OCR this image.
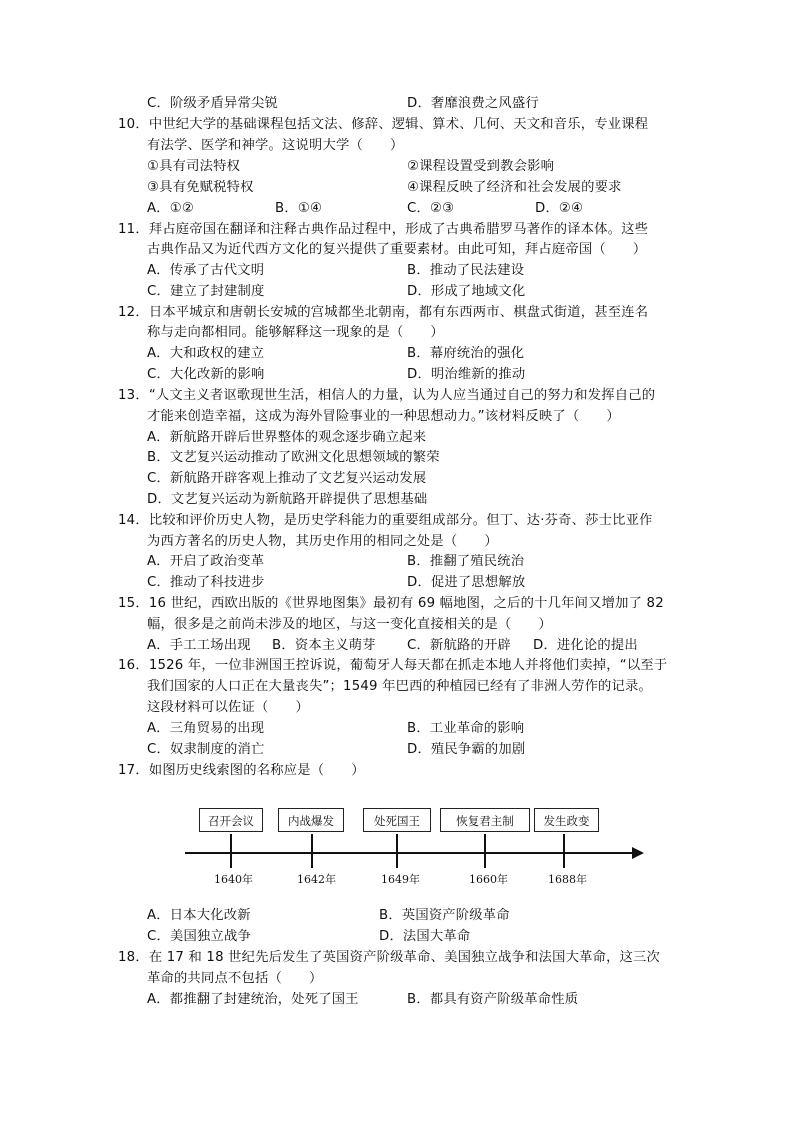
C．阶级矛盾异常尖锐	D．奢靡浪费之风盛行
10．中世纪大学的基础课程包括文法、修辞、逻辑、算术、几何、天文和音乐，专业课程
有法学、医学和神学。这说明大学（　　）
①具有司法特权	②课程设置受到教会影响
③具有免赋税特权	④课程反映了经济和社会发展的要求
A．①②	B．①④	C．②③	D．②④
11．拜占庭帝国在翻译和注释古典作品过程中，形成了古典希腊罗马著作的译本体。这些
古典作品又为近代西方文化的复兴提供了重要素材。由此可知，拜占庭帝国（　　）
A．传承了古代文明	B．推动了民法建设
C．建立了封建制度	D．形成了地域文化
12．日本平城京和唐朝长安城的宫城都坐北朝南，都有东西两市、棋盘式街道，甚至连名
称与走向都相同。能够解释这一现象的是（　　）
A．大和政权的建立	B．幕府统治的强化
C．大化改新的影响	D．明治维新的推动
13．“人文主义者讴歌现世生活，相信人的力量，认为人应当通过自己的努力和发挥自己的
才能来创造幸福，这成为海外冒险事业的一种思想动力。”该材料反映了（　　）
A．新航路开辟后世界整体的观念逐步确立起来
B．文艺复兴运动推动了欧洲文化思想领域的繁荣
C．新航路开辟客观上推动了文艺复兴运动发展
D．文艺复兴运动为新航路开辟提供了思想基础
14．比较和评价历史人物，是历史学科能力的重要组成部分。但丁、达·芬奇、莎士比亚作
为西方著名的历史人物，其历史作用的相同之处是（　　）
A．开启了政治变革	B．推翻了殖民统治
C．推动了科技进步	D．促进了思想解放
15．16 世纪，西欧出版的《世界地图集》最初有 69 幅地图，之后的十几年间又增加了 82
幅，很多是之前尚未涉及的地区，与这一变化直接相关的是（　　）
A．手工工场出现 B．资本主义萌芽 C．新航路的开辟 D．进化论的提出
16．1526 年，一位非洲国王控诉说，葡萄牙人每天都在抓走本地人并将他们卖掉，“以至于
我们国家的人口正在大量丧失”；1549 年巴西的种植园已经有了非洲人劳作的记录。
这段材料可以佐证（　　）
A．三角贸易的出现	B．工业革命的影响
C．奴隶制度的消亡	D．殖民争霸的加剧
17．如图历史线索图的名称应是（　　）
召开会议	内战爆发	处死国王	恢复君主制	发生政变
1640年	1642年	1649年	1660年	1688年
A．日本大化改新	B．英国资产阶级革命
C．美国独立战争	D．法国大革命
18．在 17 和 18 世纪先后发生了英国资产阶级革命、美国独立战争和法国大革命，这三次
革命的共同点不包括（　　）
A．都推翻了封建统治，处死了国王	B．都具有资产阶级革命性质
